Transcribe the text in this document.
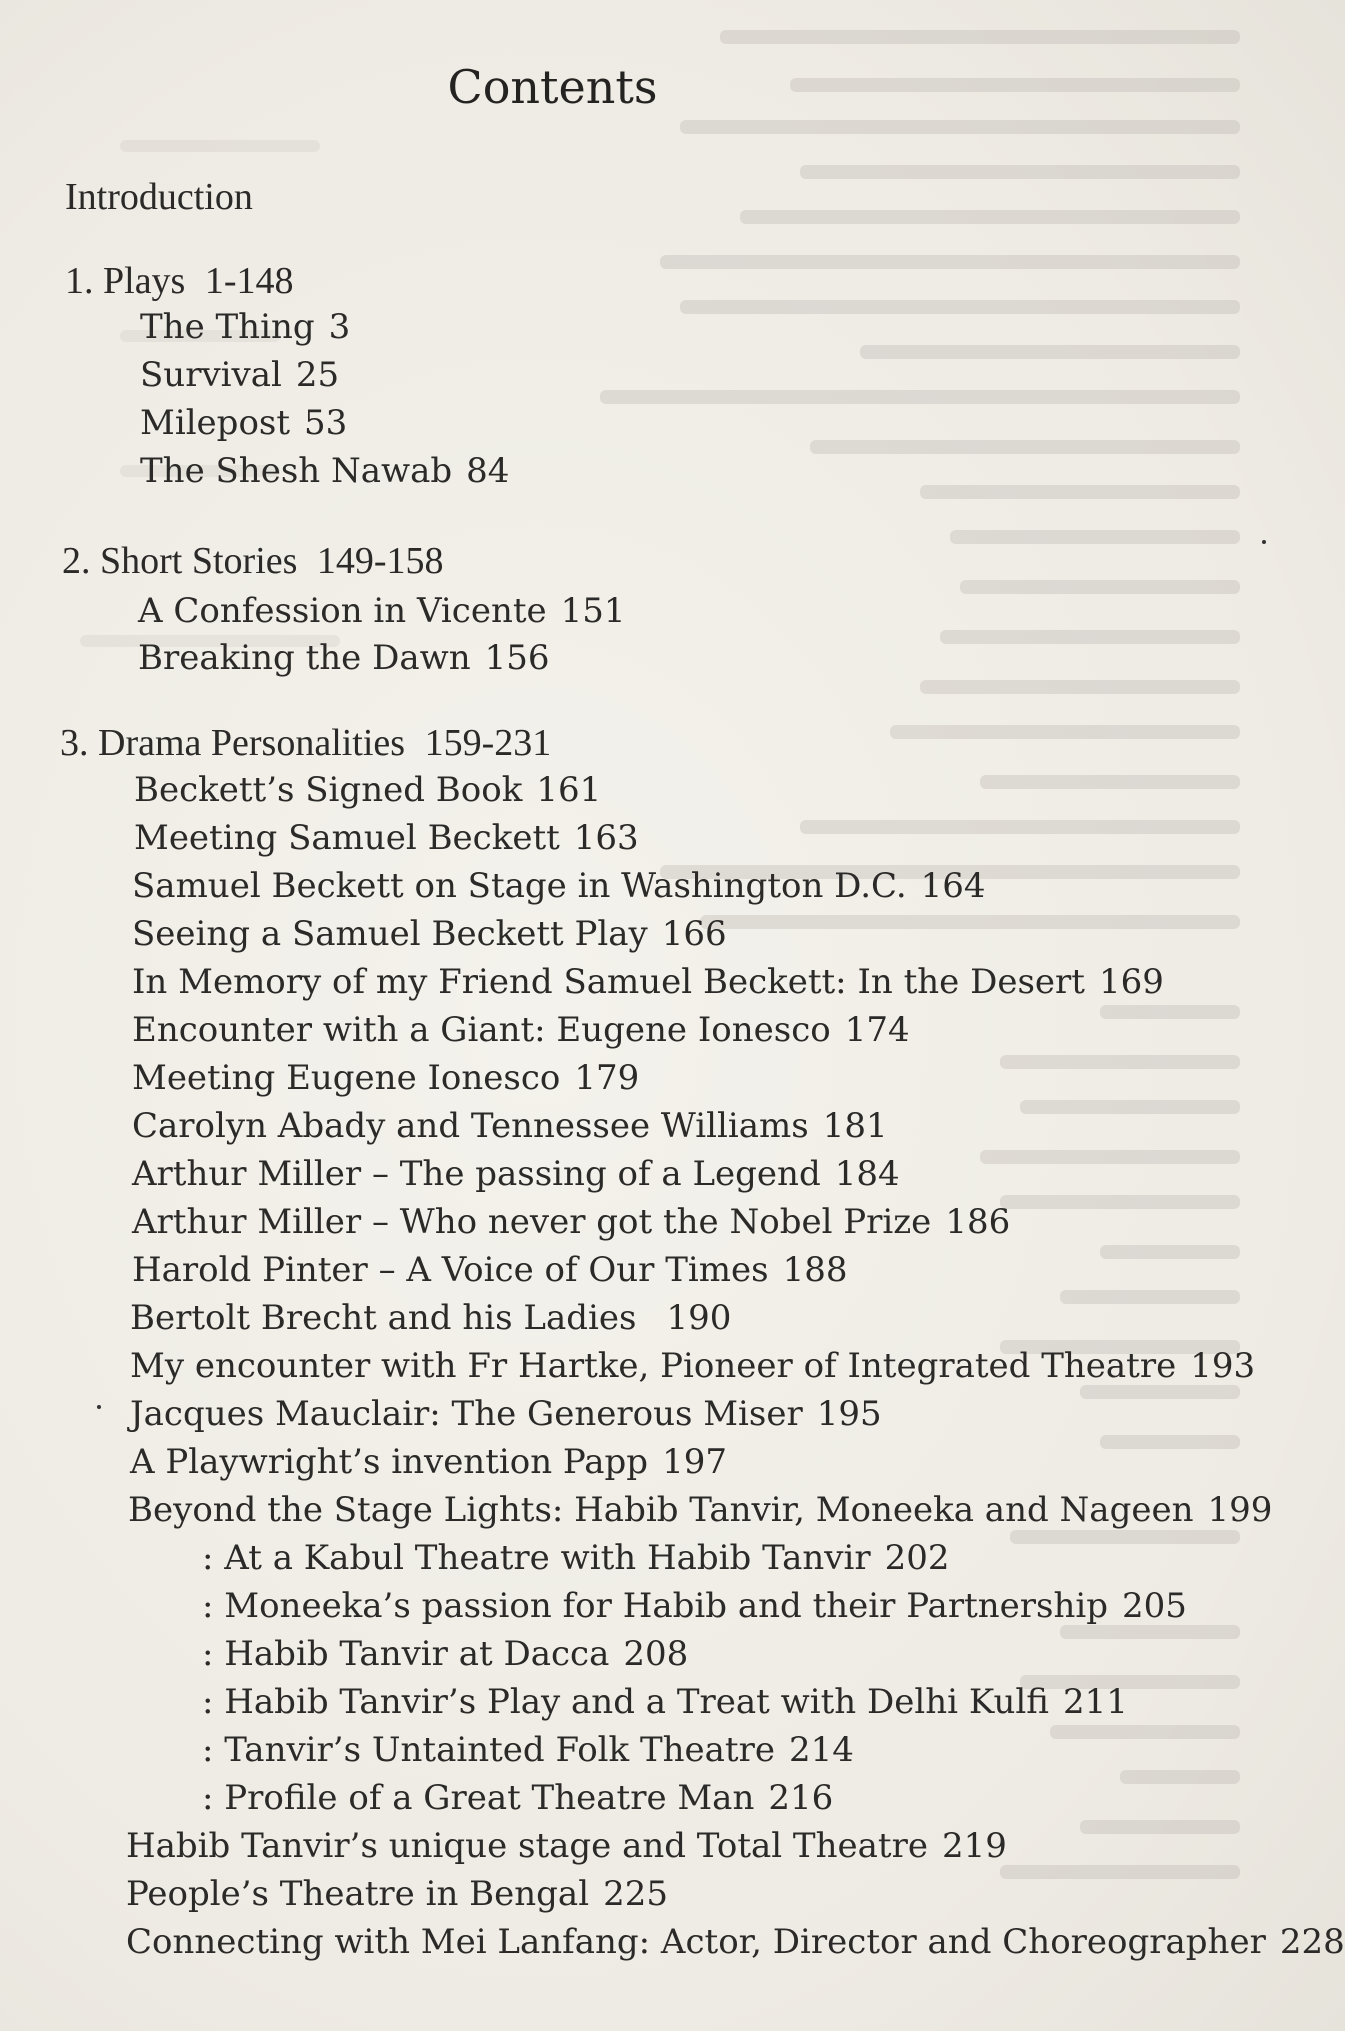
Contents
Introduction
1. Plays 1-148
The Thing 3
Survival 25
Milepost 53
The Shesh Nawab 84
2. Short Stories 149-158
A Confession in Vicente 151
Breaking the Dawn 156
3. Drama Personalities 159-231
Beckett’s Signed Book 161
Meeting Samuel Beckett 163
Samuel Beckett on Stage in Washington D.C. 164
Seeing a Samuel Beckett Play 166
In Memory of my Friend Samuel Beckett: In the Desert 169
Encounter with a Giant: Eugene Ionesco 174
Meeting Eugene Ionesco 179
Carolyn Abady and Tennessee Williams 181
Arthur Miller – The passing of a Legend 184
Arthur Miller – Who never got the Nobel Prize 186
Harold Pinter – A Voice of Our Times 188
Bertolt Brecht and his Ladies 190
My encounter with Fr Hartke, Pioneer of Integrated Theatre 193
Jacques Mauclair: The Generous Miser 195
A Playwright’s invention Papp 197
Beyond the Stage Lights: Habib Tanvir, Moneeka and Nageen 199
: At a Kabul Theatre with Habib Tanvir 202
: Moneeka’s passion for Habib and their Partnership 205
: Habib Tanvir at Dacca 208
: Habib Tanvir’s Play and a Treat with Delhi Kulfi 211
: Tanvir’s Untainted Folk Theatre 214
: Profile of a Great Theatre Man 216
Habib Tanvir’s unique stage and Total Theatre 219
People’s Theatre in Bengal 225
Connecting with Mei Lanfang: Actor, Director and Choreographer 228
